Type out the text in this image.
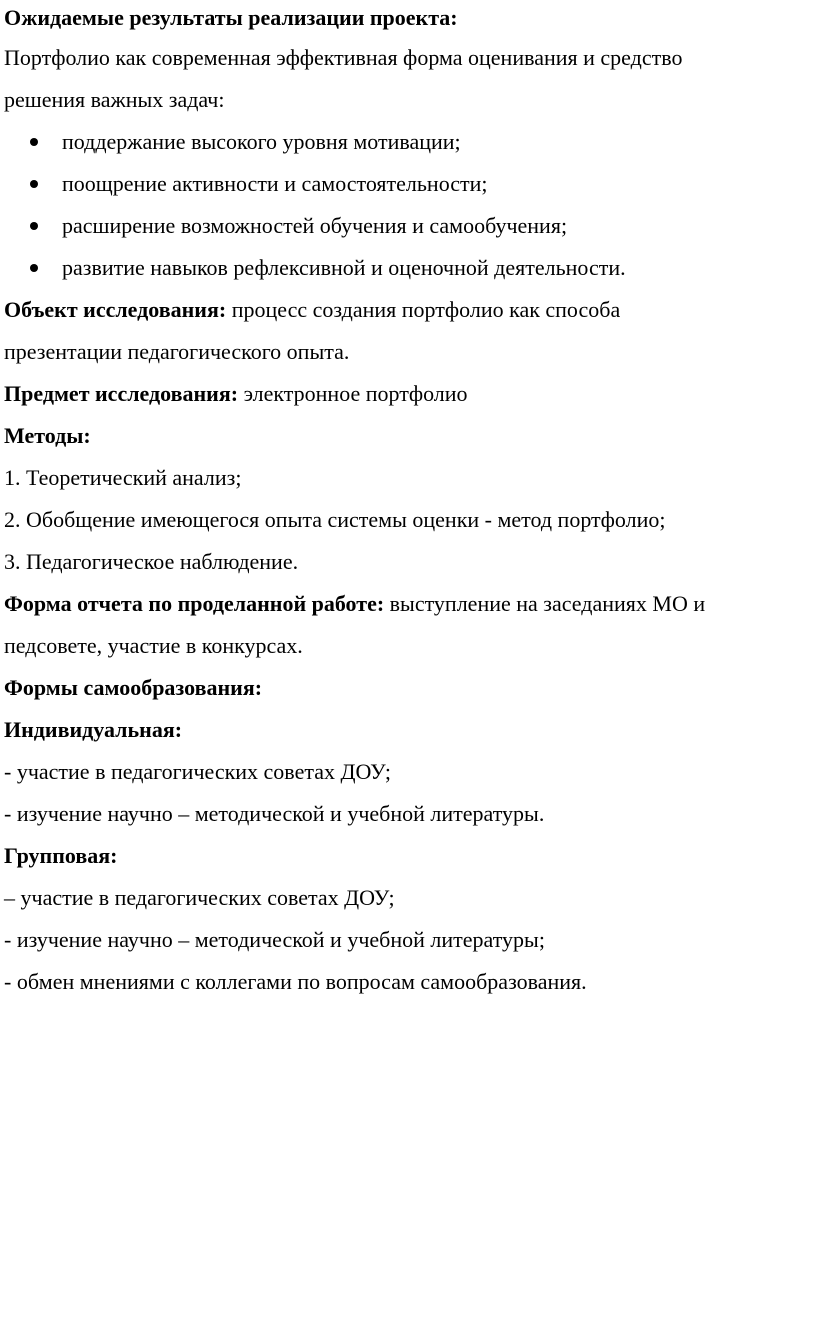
Ожидаемые результаты реализации проекта:
Портфолио как современная эффективная форма оценивания и средство
решения важных задач:
поддержание высокого уровня мотивации;
поощрение активности и самостоятельности;
расширение возможностей обучения и самообучения;
развитие навыков рефлексивной и оценочной деятельности.
Объект исследования: процесс создания портфолио как способа
презентации педагогического опыта.
Предмет исследования: электронное портфолио
Методы:
1. Теоретический анализ;
2. Обобщение имеющегося опыта системы оценки - метод портфолио;
3. Педагогическое наблюдение.
Форма отчета по проделанной работе: выступление на заседаниях МО и
педсовете, участие в конкурсах.
Формы самообразования:
Индивидуальная:
- участие в педагогических советах ДОУ;
- изучение научно – методической и учебной литературы.
Групповая:
– участие в педагогических советах ДОУ;
- изучение научно – методической и учебной литературы;
- обмен мнениями с коллегами по вопросам самообразования.
